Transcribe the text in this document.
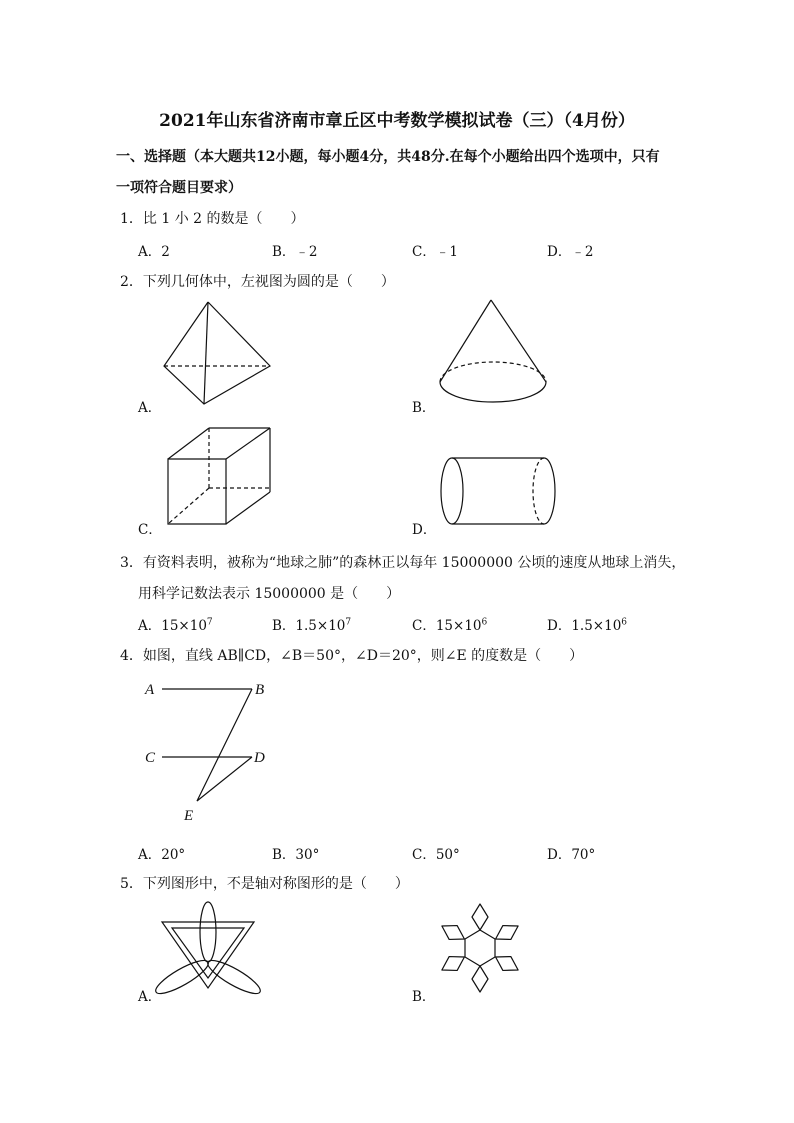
2021年山东省济南市章丘区中考数学模拟试卷（三）（4月份）
一、选择题（本大题共12小题，每小题4分，共48分.在每个小题给出四个选项中，只有
一项符合题目要求）
1．比 1 小 2 的数是（　　）
A．2	B．﹣2	C．﹣1	D．﹣2
2．下列几何体中，左视图为圆的是（　　）
A．	B．
C．	D．
3．有资料表明，被称为“地球之肺”的森林正以每年 15000000 公顷的速度从地球上消失，
用科学记数法表示 15000000 是（　　）
A．$15\times 10^7$	B．$1.5\times 10^7$	C．$15\times 10^6$	D．$1.5\times 10^6$
4．如图，直线 AB∥CD，∠B＝50°，∠D＝20°，则∠E 的度数是（　　）
A	B
C	D
E
A．20°	B．30°	C．50°	D．70°
5．下列图形中，不是轴对称图形的是（　　）
A．	B．
